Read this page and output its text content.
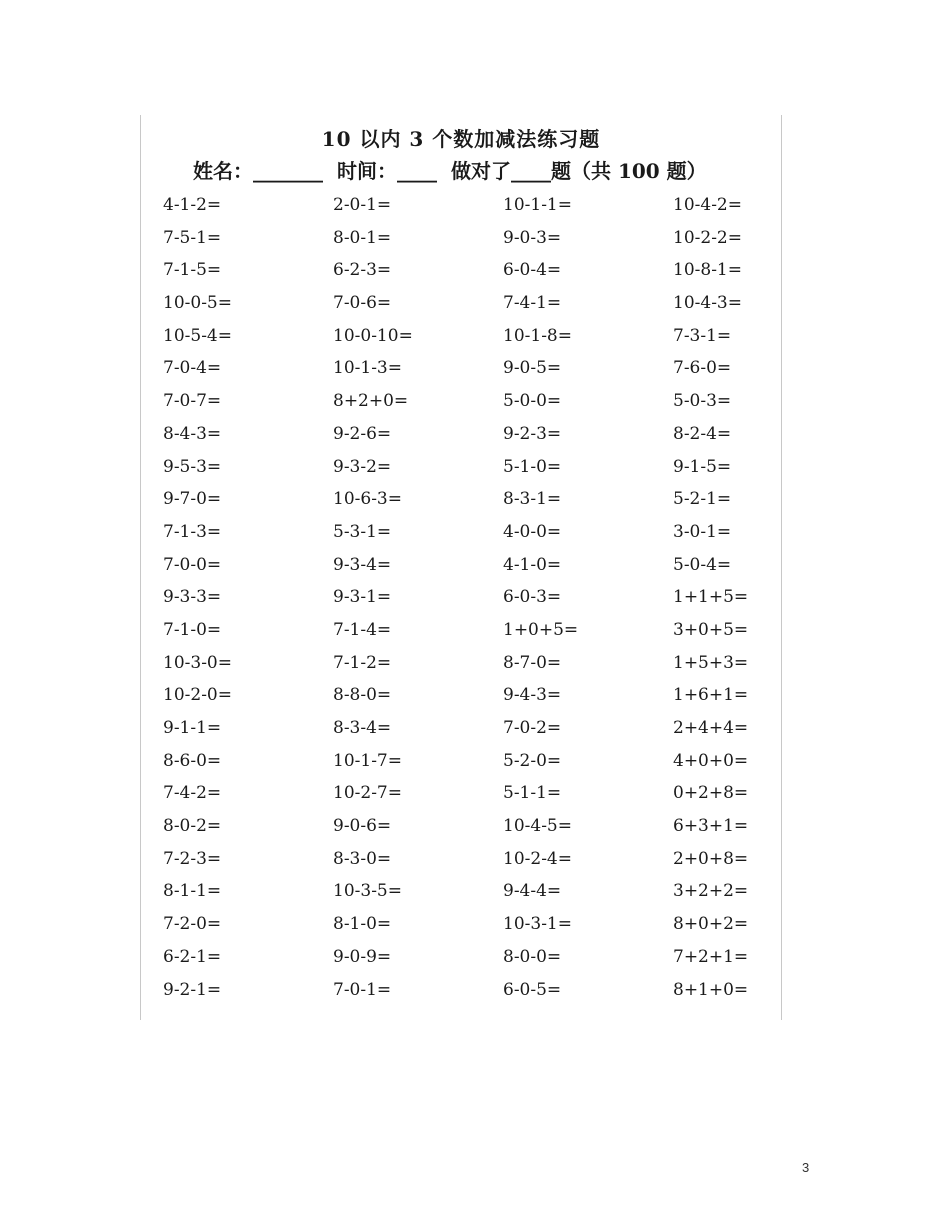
10 以内 3 个数加减法练习题
姓名：_______ 时间：____ 做对了____题（共 100 题）
4-1-2=	2-0-1=	10-1-1=	10-4-2=
7-5-1=	8-0-1=	9-0-3=	10-2-2=
7-1-5=	6-2-3=	6-0-4=	10-8-1=
10-0-5=	7-0-6=	7-4-1=	10-4-3=
10-5-4=	10-0-10=	10-1-8=	7-3-1=
7-0-4=	10-1-3=	9-0-5=	7-6-0=
7-0-7=	8+2+0=	5-0-0=	5-0-3=
8-4-3=	9-2-6=	9-2-3=	8-2-4=
9-5-3=	9-3-2=	5-1-0=	9-1-5=
9-7-0=	10-6-3=	8-3-1=	5-2-1=
7-1-3=	5-3-1=	4-0-0=	3-0-1=
7-0-0=	9-3-4=	4-1-0=	5-0-4=
9-3-3=	9-3-1=	6-0-3=	1+1+5=
7-1-0=	7-1-4=	1+0+5=	3+0+5=
10-3-0=	7-1-2=	8-7-0=	1+5+3=
10-2-0=	8-8-0=	9-4-3=	1+6+1=
9-1-1=	8-3-4=	7-0-2=	2+4+4=
8-6-0=	10-1-7=	5-2-0=	4+0+0=
7-4-2=	10-2-7=	5-1-1=	0+2+8=
8-0-2=	9-0-6=	10-4-5=	6+3+1=
7-2-3=	8-3-0=	10-2-4=	2+0+8=
8-1-1=	10-3-5=	9-4-4=	3+2+2=
7-2-0=	8-1-0=	10-3-1=	8+0+2=
6-2-1=	9-0-9=	8-0-0=	7+2+1=
9-2-1=	7-0-1=	6-0-5=	8+1+0=
3
